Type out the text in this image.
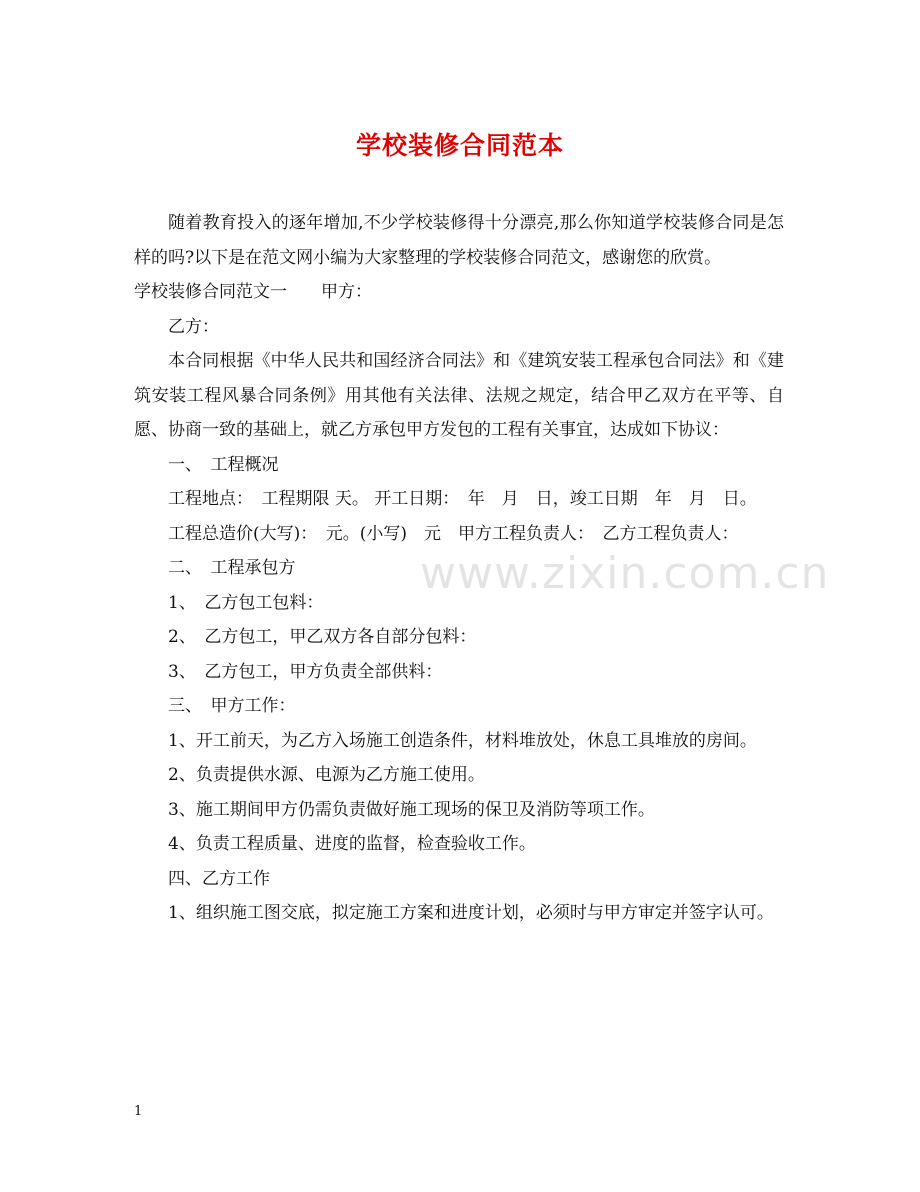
学校装修合同范本

随着教育投入的逐年增加,不少学校装修得十分漂亮,那么你知道学校装修合同是怎样的吗?以下是在范文网小编为大家整理的学校装修合同范文，感谢您的欣赏。

学校装修合同范文一　　甲方：

乙方：

本合同根据《中华人民共和国经济合同法》和《建筑安装工程承包合同法》和《建筑安装工程风暴合同条例》用其他有关法律、法规之规定，结合甲乙双方在平等、自愿、协商一致的基础上，就乙方承包甲方发包的工程有关事宜，达成如下协议：

一、　工程概况

工程地点：　工程期限 天。 开工日期：　年　月　日，竣工日期　年　月　日。

工程总造价(大写)：　元。(小写)　元　甲方工程负责人：　乙方工程负责人：

二、　工程承包方

1、　乙方包工包料：

2、　乙方包工，甲乙双方各自部分包料：

3、　乙方包工，甲方负责全部供料：

三、　甲方工作：

1、开工前天，为乙方入场施工创造条件，材料堆放处，休息工具堆放的房间。

2、负责提供水源、电源为乙方施工使用。

3、施工期间甲方仍需负责做好施工现场的保卫及消防等项工作。

4、负责工程质量、进度的监督，检查验收工作。

四、乙方工作

1、组织施工图交底，拟定施工方案和进度计划，必须时与甲方审定并签字认可。

www.zixin.com.cn
1
